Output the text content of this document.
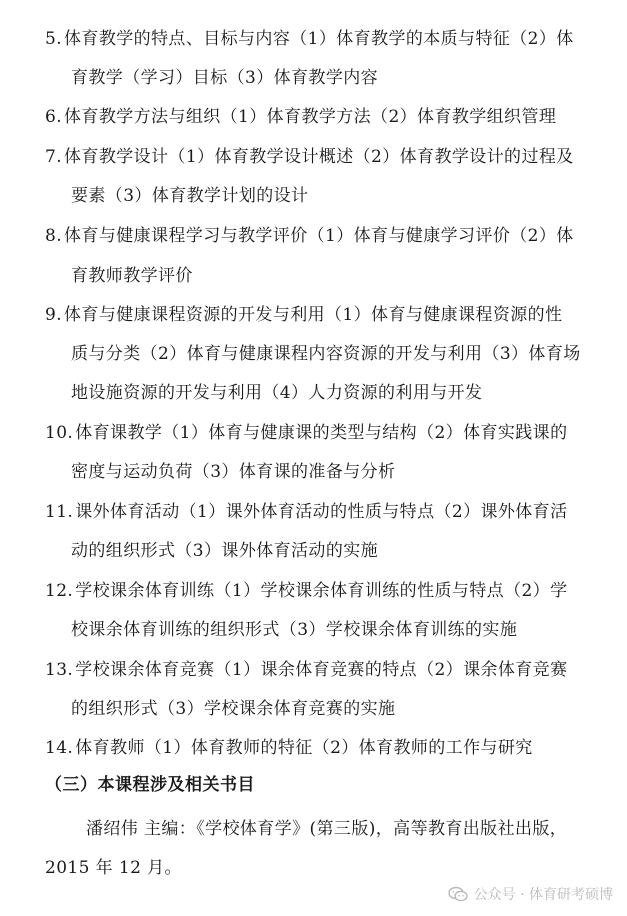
5. 体育教学的特点、目标与内容（1）体育教学的本质与特征（2）体
育教学（学习）目标（3）体育教学内容
6. 体育教学方法与组织（1）体育教学方法（2）体育教学组织管理
7. 体育教学设计（1）体育教学设计概述（2）体育教学设计的过程及
要素（3）体育教学计划的设计
8. 体育与健康课程学习与教学评价（1）体育与健康学习评价（2）体
育教师教学评价
9. 体育与健康课程资源的开发与利用（1）体育与健康课程资源的性
质与分类（2）体育与健康课程内容资源的开发与利用（3）体育场
地设施资源的开发与利用（4）人力资源的利用与开发
10. 体育课教学（1）体育与健康课的类型与结构（2）体育实践课的
密度与运动负荷（3）体育课的准备与分析
11. 课外体育活动（1）课外体育活动的性质与特点（2）课外体育活
动的组织形式（3）课外体育活动的实施
12. 学校课余体育训练（1）学校课余体育训练的性质与特点（2）学
校课余体育训练的组织形式（3）学校课余体育训练的实施
13. 学校课余体育竞赛（1）课余体育竞赛的特点（2）课余体育竞赛
的组织形式（3）学校课余体育竞赛的实施
14. 体育教师（1）体育教师的特征（2）体育教师的工作与研究
（三）本课程涉及相关书目
潘绍伟 主编：《学校体育学》(第三版)，高等教育出版社出版，
2015 年 12 月。
公众号 · 体育研考硕博
